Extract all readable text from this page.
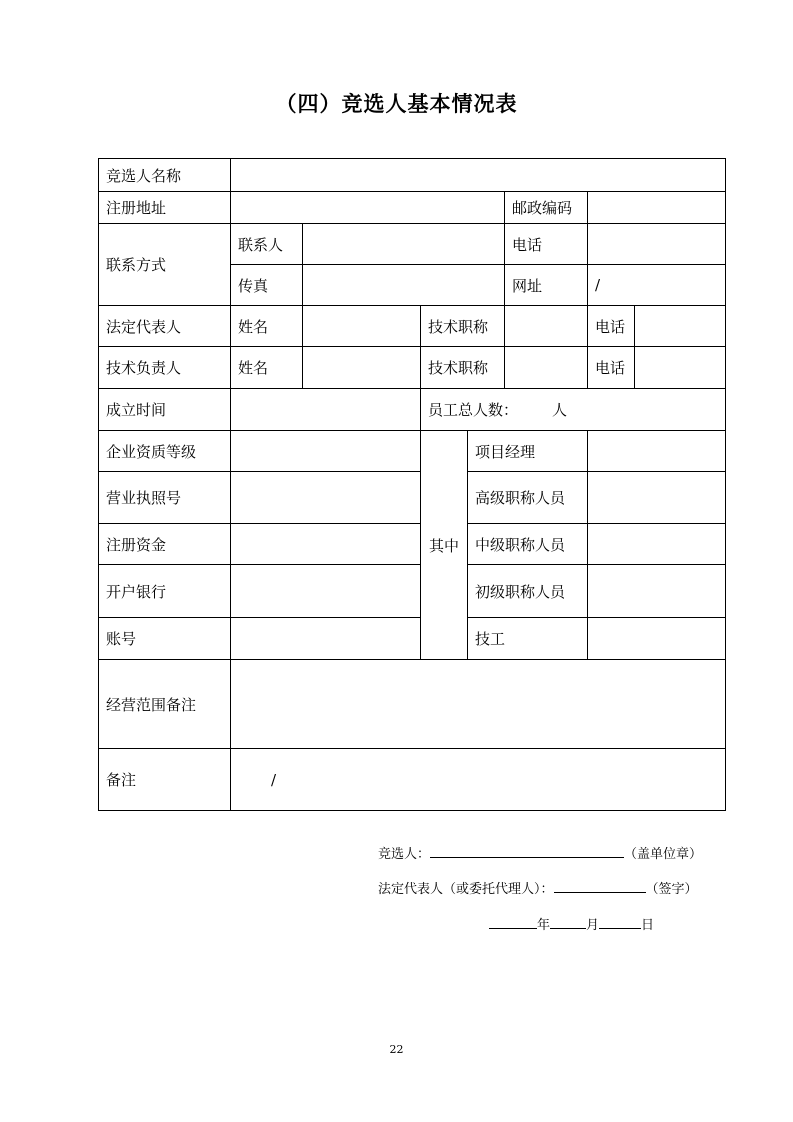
（四）竞选人基本情况表
竞选人名称							
注册地址					邮政编码		
联系方式	联系人				电话		
	传真				网址	/	
法定代表人	姓名		技术职称			电话	
技术负责人	姓名		技术职称			电话	
成立时间			员工总人数： 人				
企业资质等级			其中	项目经理			
营业执照号				高级职称人员			
注册资金				中级职称人员			
开户银行				初级职称人员			
账号				技工			
经营范围备注							
备注	/						
竞选人：	（盖单位章）
法定代表人（或委托代理人）：	（签字）
年	月	日
22
